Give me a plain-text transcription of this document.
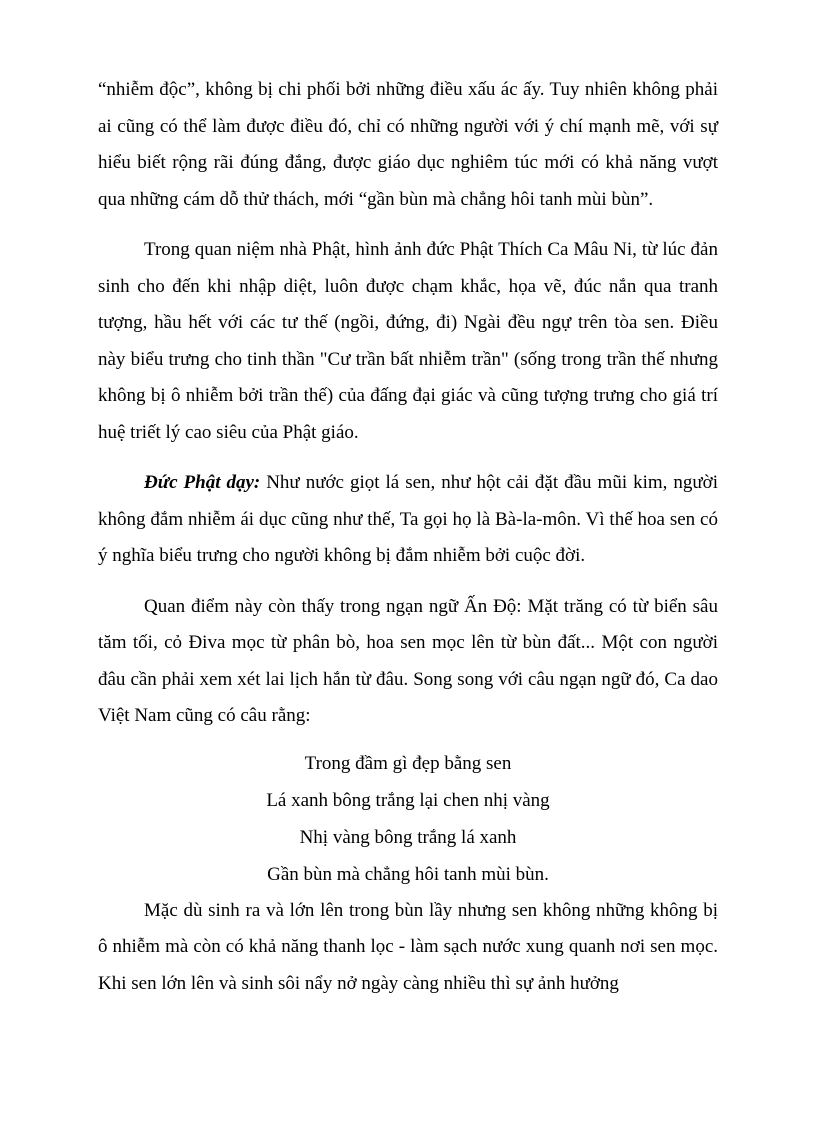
“nhiễm độc”, không bị chi phối bởi những điều xấu ác ấy. Tuy nhiên không phải ai cũng có thể làm được điều đó, chỉ có những người với ý chí mạnh mẽ, với sự hiểu biết rộng rãi đúng đắng, được giáo dục nghiêm túc mới có khả năng vượt qua những cám dỗ thử thách, mới “gần bùn mà chẳng hôi tanh mùi bùn”.

Trong quan niệm nhà Phật, hình ảnh đức Phật Thích Ca Mâu Ni, từ lúc đản sinh cho đến khi nhập diệt, luôn được chạm khắc, họa vẽ, đúc nắn qua tranh tượng, hầu hết với các tư thế (ngồi, đứng, đi) Ngài đều ngự trên tòa sen. Điều này biểu trưng cho tinh thần "Cư trần bất nhiễm trần" (sống trong trần thế nhưng không bị ô nhiễm bởi trần thế) của đấng đại giác và cũng tượng trưng cho giá trí huệ triết lý cao siêu của Phật giáo.

Đức Phật dạy: Như nước giọt lá sen, như hột cải đặt đầu mũi kim, người không đắm nhiễm ái dục cũng như thế, Ta gọi họ là Bà-la-môn. Vì thế hoa sen có ý nghĩa biểu trưng cho người không bị đắm nhiễm bởi cuộc đời.

Quan điểm này còn thấy trong ngạn ngữ Ấn Độ: Mặt trăng có từ biển sâu tăm tối, cỏ Điva mọc từ phân bò, hoa sen mọc lên từ bùn đất... Một con người đâu cần phải xem xét lai lịch hắn từ đâu. Song song với câu ngạn ngữ đó, Ca dao Việt Nam cũng có câu rằng:

Trong đầm gì đẹp bằng sen
Lá xanh bông trắng lại chen nhị vàng
Nhị vàng bông trắng lá xanh
Gần bùn mà chẳng hôi tanh mùi bùn.

Mặc dù sinh ra và lớn lên trong bùn lầy nhưng sen không những không bị ô nhiễm mà còn có khả năng thanh lọc - làm sạch nước xung quanh nơi sen mọc. Khi sen lớn lên và sinh sôi nẩy nở ngày càng nhiều thì sự ảnh hưởng
